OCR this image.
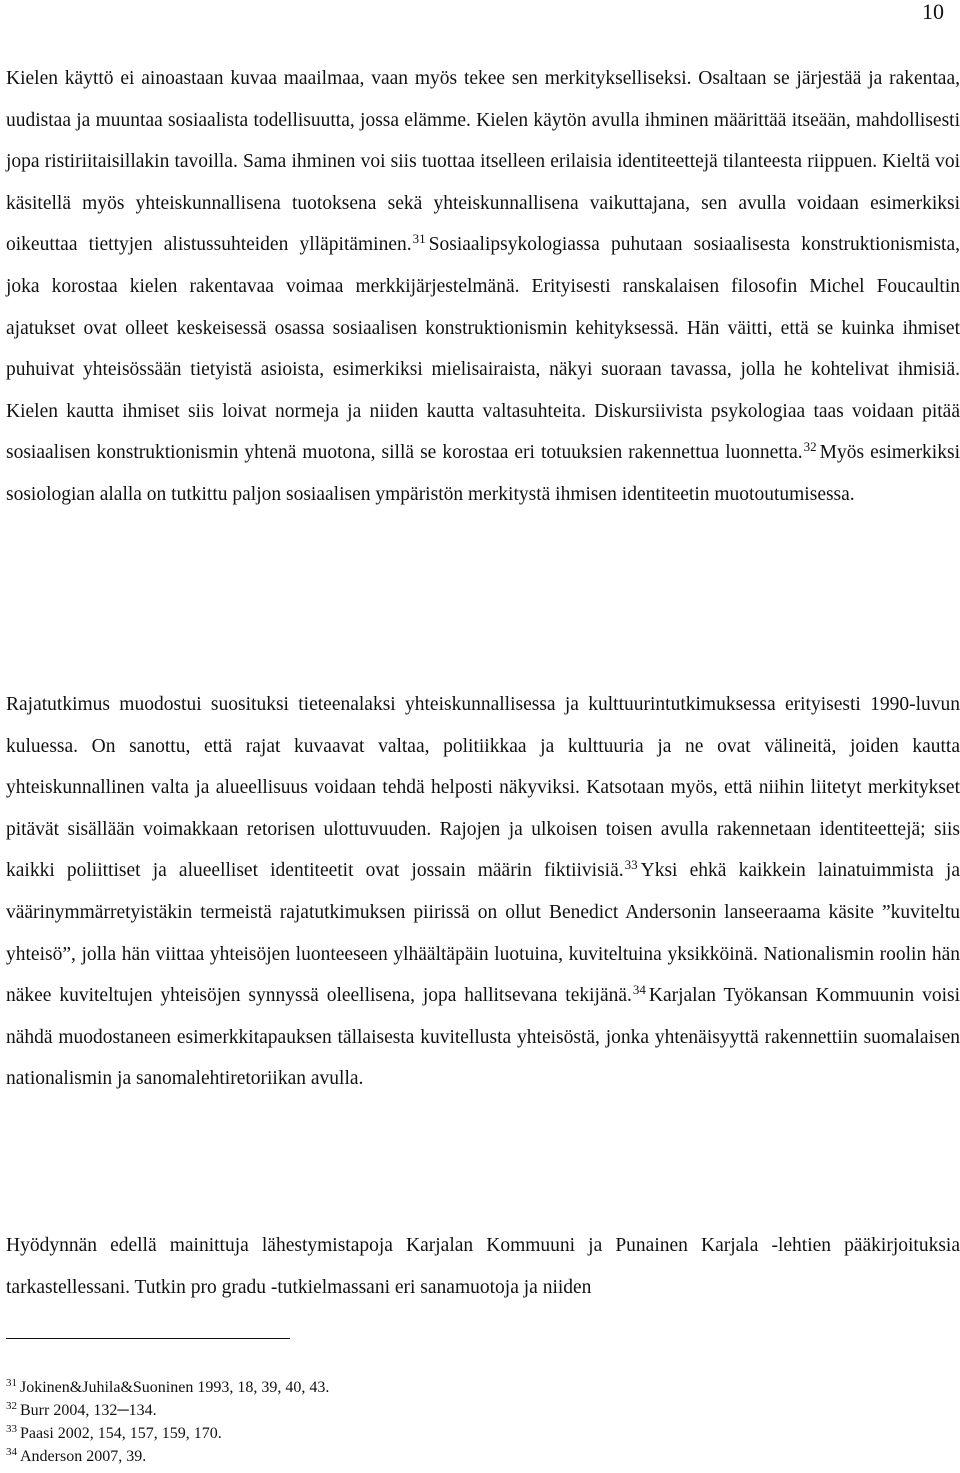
10

Kielen käyttö ei ainoastaan kuvaa maailmaa, vaan myös tekee sen merkitykselliseksi. Osaltaan se järjestää ja rakentaa, uudistaa ja muuntaa sosiaalista todellisuutta, jossa elämme. Kielen käytön avulla ihminen määrittää itseään, mahdollisesti jopa ristiriitaisillakin tavoilla. Sama ihminen voi siis tuottaa itselleen erilaisia identiteettejä tilanteesta riippuen. Kieltä voi käsitellä myös yhteiskunnallisena tuotoksena sekä yhteiskunnallisena vaikuttajana, sen avulla voidaan esimerkiksi oikeuttaa tiettyjen alistussuhteiden ylläpitäminen.$^{31}$ Sosiaalipsykologiassa puhutaan sosiaalisesta konstruktionismista, joka korostaa kielen rakentavaa voimaa merkkijärjestelmänä. Erityisesti ranskalaisen filosofin Michel Foucaultin ajatukset ovat olleet keskeisessä osassa sosiaalisen konstruktionismin kehityksessä. Hän väitti, että se kuinka ihmiset puhuivat yhteisössään tietyistä asioista, esimerkiksi mielisairaista, näkyi suoraan tavassa, jolla he kohtelivat ihmisiä. Kielen kautta ihmiset siis loivat normeja ja niiden kautta valtasuhteita. Diskursiivista psykologiaa taas voidaan pitää sosiaalisen konstruktionismin yhtenä muotona, sillä se korostaa eri totuuksien rakennettua luonnetta.$^{32}$ Myös esimerkiksi sosiologian alalla on tutkittu paljon sosiaalisen ympäristön merkitystä ihmisen identiteetin muotoutumisessa.

Rajatutkimus muodostui suosituksi tieteenalaksi yhteiskunnallisessa ja kulttuurintutkimuksessa erityisesti 1990-luvun kuluessa. On sanottu, että rajat kuvaavat valtaa, politiikkaa ja kulttuuria ja ne ovat välineitä, joiden kautta yhteiskunnallinen valta ja alueellisuus voidaan tehdä helposti näkyviksi. Katsotaan myös, että niihin liitetyt merkitykset pitävät sisällään voimakkaan retorisen ulottuvuuden. Rajojen ja ulkoisen toisen avulla rakennetaan identiteettejä; siis kaikki poliittiset ja alueelliset identiteetit ovat jossain määrin fiktiivisiä.$^{33}$ Yksi ehkä kaikkein lainatuimmista ja väärinymmärretyistäkin termeistä rajatutkimuksen piirissä on ollut Benedict Andersonin lanseeraama käsite ”kuviteltu yhteisö”, jolla hän viittaa yhteisöjen luonteeseen ylhäältäpäin luotuina, kuviteltuina yksikköinä. Nationalismin roolin hän näkee kuviteltujen yhteisöjen synnyssä oleellisena, jopa hallitsevana tekijänä.$^{34}$ Karjalan Työkansan Kommuunin voisi nähdä muodostaneen esimerkkitapauksen tällaisesta kuvitellusta yhteisöstä, jonka yhtenäisyyttä rakennettiin suomalaisen nationalismin ja sanomalehtiretoriikan avulla.

Hyödynnän edellä mainittuja lähestymistapoja Karjalan Kommuuni ja Punainen Karjala -lehtien pääkirjoituksia tarkastellessani. Tutkin pro gradu -tutkielmassani eri sanamuotoja ja niiden

$^{31}$ Jokinen&Juhila&Suoninen 1993, 18, 39, 40, 43.
$^{32}$ Burr 2004, 132─134.
$^{33}$ Paasi 2002, 154, 157, 159, 170.
$^{34}$ Anderson 2007, 39.
